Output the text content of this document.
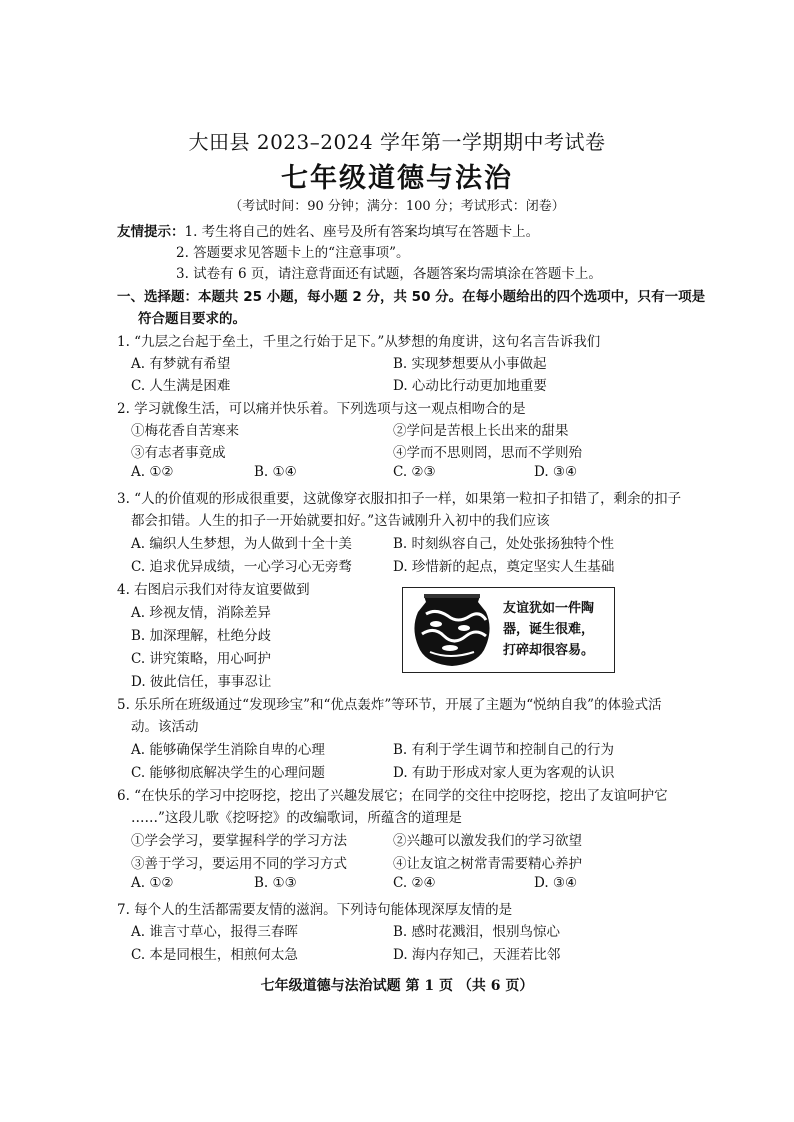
大田县 2023–2024 学年第一学期期中考试卷
七年级道德与法治
（考试时间：90 分钟；满分：100 分；考试形式：闭卷）
友情提示：1. 考生将自己的姓名、座号及所有答案均填写在答题卡上。
2. 答题要求见答题卡上的“注意事项”。
3. 试卷有 6 页，请注意背面还有试题，各题答案均需填涂在答题卡上。
一、选择题：本题共 25 小题，每小题 2 分，共 50 分。在每小题给出的四个选项中，只有一项是
符合题目要求的。
1. “九层之台起于垒土，千里之行始于足下。”从梦想的角度讲，这句名言告诉我们
A. 有梦就有希望	B. 实现梦想要从小事做起
C. 人生满是困难	D. 心动比行动更加地重要
2. 学习就像生活，可以痛并快乐着。下列选项与这一观点相吻合的是
①梅花香自苦寒来	②学问是苦根上长出来的甜果
③有志者事竟成	④学而不思则罔，思而不学则殆
A. ①②	B. ①④	C. ②③	D. ③④
3. “人的价值观的形成很重要，这就像穿衣服扣扣子一样，如果第一粒扣子扣错了，剩余的扣子
都会扣错。人生的扣子一开始就要扣好。”这告诫刚升入初中的我们应该
A. 编织人生梦想，为人做到十全十美	B. 时刻纵容自己，处处张扬独特个性
C. 追求优异成绩，一心学习心无旁骛	D. 珍惜新的起点，奠定坚实人生基础
4. 右图启示我们对待友谊要做到
A. 珍视友情，消除差异
B. 加深理解，杜绝分歧
C. 讲究策略，用心呵护
D. 彼此信任，事事忍让
友谊犹如一件陶
器，诞生很难，
打碎却很容易。
5. 乐乐所在班级通过“发现珍宝”和“优点轰炸”等环节，开展了主题为“悦纳自我”的体验式活
动。该活动
A. 能够确保学生消除自卑的心理	B. 有利于学生调节和控制自己的行为
C. 能够彻底解决学生的心理问题	D. 有助于形成对家人更为客观的认识
6. “在快乐的学习中挖呀挖，挖出了兴趣发展它；在同学的交往中挖呀挖，挖出了友谊呵护它
……”这段儿歌《挖呀挖》的改编歌词，所蕴含的道理是
①学会学习，要掌握科学的学习方法	②兴趣可以激发我们的学习欲望
③善于学习，要运用不同的学习方式	④让友谊之树常青需要精心养护
A. ①②	B. ①③	C. ②④	D. ③④
7. 每个人的生活都需要友情的滋润。下列诗句能体现深厚友情的是
A. 谁言寸草心，报得三春晖	B. 感时花溅泪，恨别鸟惊心
C. 本是同根生，相煎何太急	D. 海内存知己，天涯若比邻
七年级道德与法治试题 第 1 页 （共 6 页）
